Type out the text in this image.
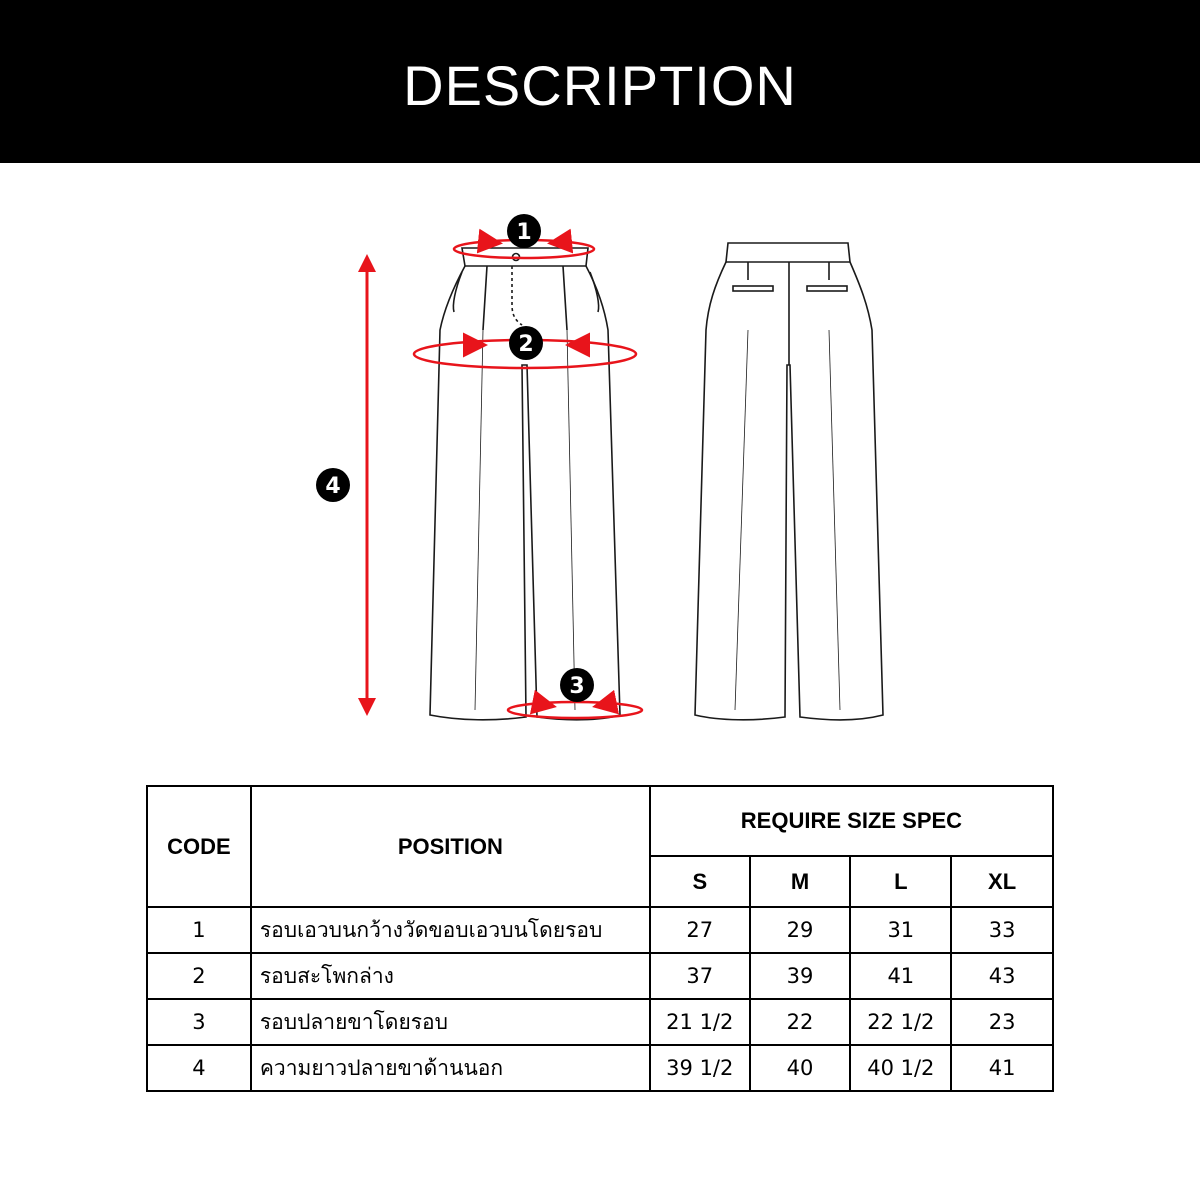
DESCRIPTION
1
2
3
4
CODE	POSITION	REQUIRE SIZE SPEC			
		S	M	L	XL
1	รอบเอวบนกว้างวัดขอบเอวบนโดยรอบ	27	29	31	33
2	รอบสะโพกล่าง	37	39	41	43
3	รอบปลายขาโดยรอบ	21 1/2	22	22 1/2	23
4	ความยาวปลายขาด้านนอก	39 1/2	40	40 1/2	41
